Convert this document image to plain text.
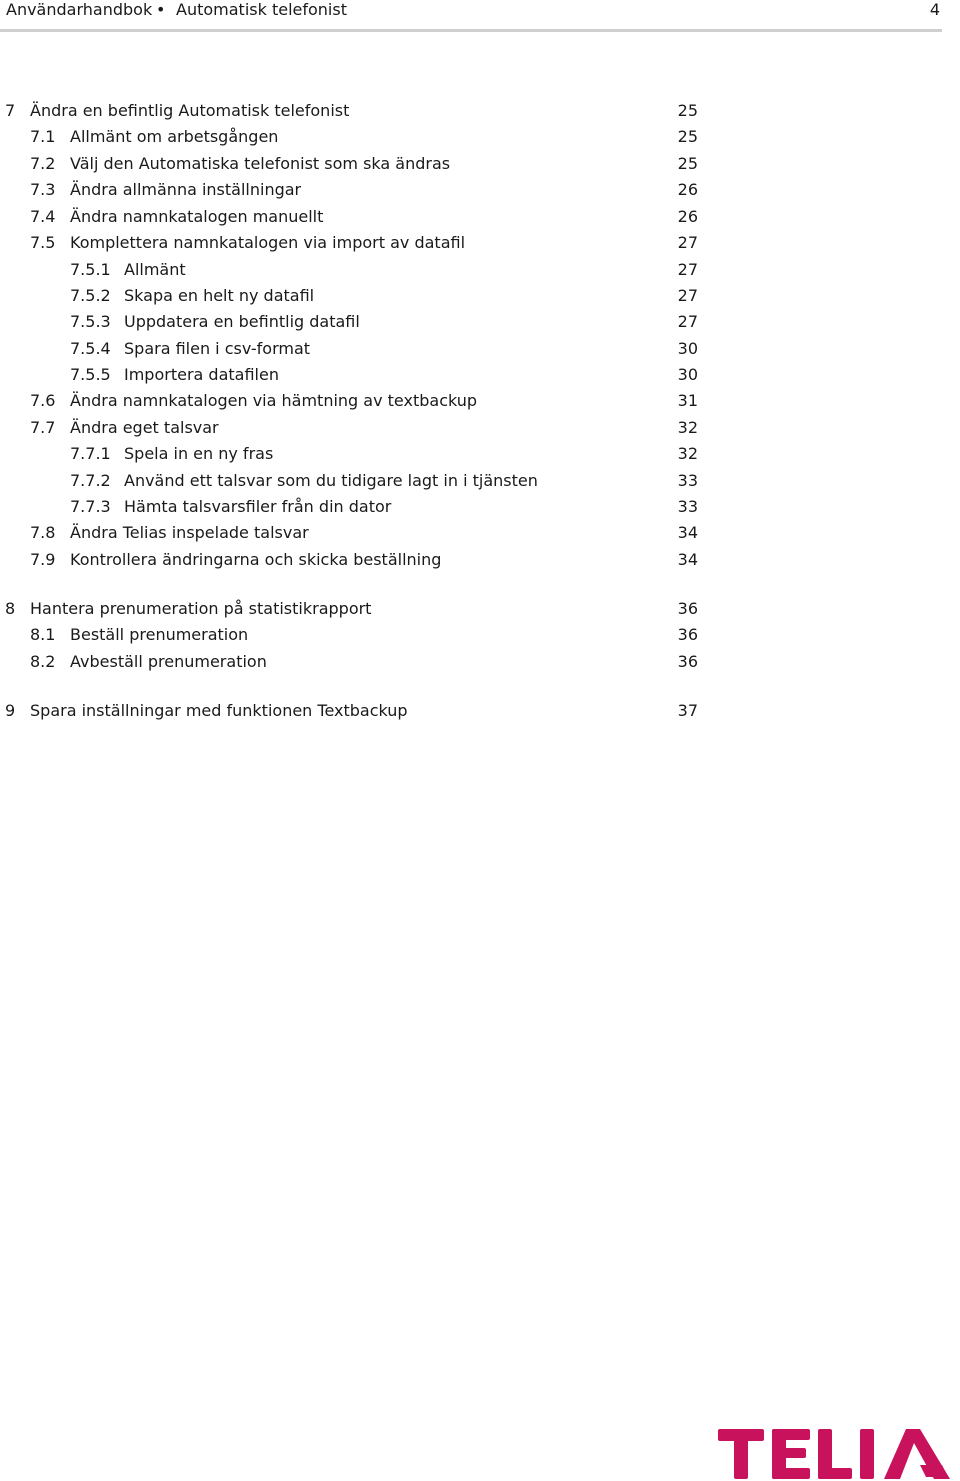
Användarhandbok • Automatisk telefonist	4
7 Ändra en befintlig Automatisk telefonist	25
7.1 Allmänt om arbetsgången	25
7.2 Välj den Automatiska telefonist som ska ändras	25
7.3 Ändra allmänna inställningar	26
7.4 Ändra namnkatalogen manuellt	26
7.5 Komplettera namnkatalogen via import av datafil	27
7.5.1 Allmänt	27
7.5.2 Skapa en helt ny datafil	27
7.5.3 Uppdatera en befintlig datafil	27
7.5.4 Spara filen i csv-format	30
7.5.5 Importera datafilen	30
7.6 Ändra namnkatalogen via hämtning av textbackup	31
7.7 Ändra eget talsvar	32
7.7.1 Spela in en ny fras	32
7.7.2 Använd ett talsvar som du tidigare lagt in i tjänsten	33
7.7.3 Hämta talsvarsfiler från din dator	33
7.8 Ändra Telias inspelade talsvar	34
7.9 Kontrollera ändringarna och skicka beställning	34
8 Hantera prenumeration på statistikrapport	36
8.1 Beställ prenumeration	36
8.2 Avbeställ prenumeration	36
9 Spara inställningar med funktionen Textbackup	37
